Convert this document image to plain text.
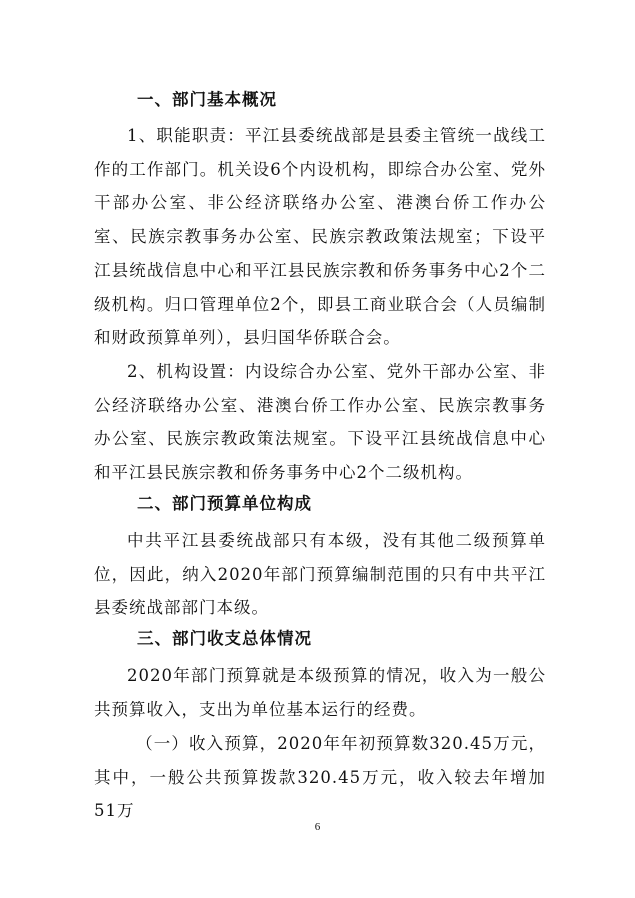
一、部门基本概况

1、职能职责：平江县委统战部是县委主管统一战线工作的工作部门。机关设6个内设机构，即综合办公室、党外干部办公室、非公经济联络办公室、港澳台侨工作办公室、民族宗教事务办公室、民族宗教政策法规室；下设平江县统战信息中心和平江县民族宗教和侨务事务中心2个二级机构。归口管理单位2个，即县工商业联合会（人员编制和财政预算单列），县归国华侨联合会。

2、机构设置：内设综合办公室、党外干部办公室、非公经济联络办公室、港澳台侨工作办公室、民族宗教事务办公室、民族宗教政策法规室。下设平江县统战信息中心和平江县民族宗教和侨务事务中心2个二级机构。

二、部门预算单位构成

中共平江县委统战部只有本级，没有其他二级预算单位，因此，纳入2020年部门预算编制范围的只有中共平江县委统战部部门本级。

三、部门收支总体情况

2020年部门预算就是本级预算的情况，收入为一般公共预算收入，支出为单位基本运行的经费。

（一）收入预算，2020年年初预算数320.45万元，其中，一般公共预算拨款320.45万元，收入较去年增加51万

6
